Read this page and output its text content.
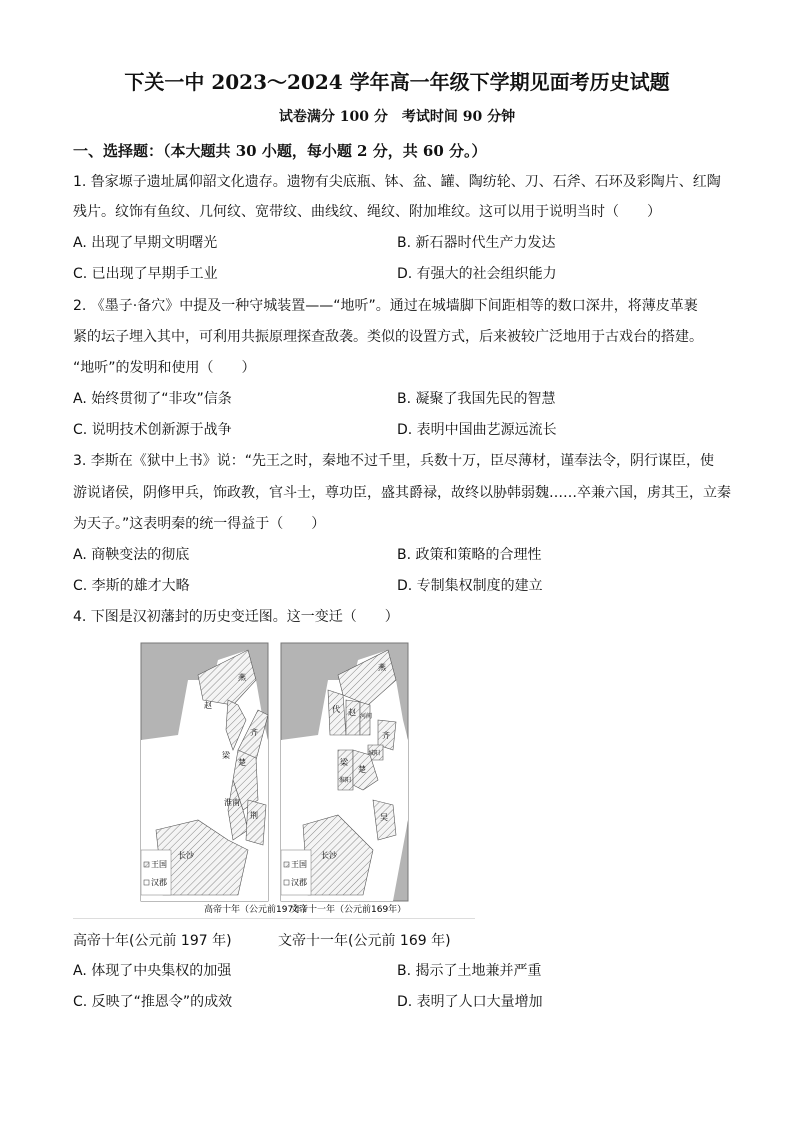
下关一中 2023～2024 学年高一年级下学期见面考历史试题
试卷满分 100 分　考试时间 90 分钟
一、选择题：（本大题共 30 小题，每小题 2 分，共 60 分。）
1. 鲁家塬子遗址属仰韶文化遗存。遗物有尖底瓶、钵、盆、罐、陶纺轮、刀、石斧、石环及彩陶片、红陶
残片。纹饰有鱼纹、几何纹、宽带纹、曲线纹、绳纹、附加堆纹。这可以用于说明当时（　　）
A. 出现了早期文明曙光	B. 新石器时代生产力发达
C. 已出现了早期手工业	D. 有强大的社会组织能力
2. 《墨子·备穴》中提及一种守城装置——“地听”。通过在城墙脚下间距相等的数口深井，将薄皮革裹
紧的坛子埋入其中，可利用共振原理探查敌袭。类似的设置方式，后来被较广泛地用于古戏台的搭建。
“地听”的发明和使用（　　）
A. 始终贯彻了“非攻”信条	B. 凝聚了我国先民的智慧
C. 说明技术创新源于战争	D. 表明中国曲艺源远流长
3. 李斯在《狱中上书》说：“先王之时，秦地不过千里，兵数十万，臣尽薄材，谨奉法令，阴行谋臣，使
游说诸侯，阴修甲兵，饰政教，官斗士，尊功臣，盛其爵禄，故终以胁韩弱魏……卒兼六国，虏其王，立秦
为天子。”这表明秦的统一得益于（　　）
A. 商鞅变法的彻底	B. 政策和策略的合理性
C. 李斯的雄才大略	D. 专制集权制度的建立
4. 下图是汉初藩封的历史变迁图。这一变迁（　　）
王国
汉郡
燕
赵
齐
梁
楚
淮南
荆
长沙
高帝十年（公元前197年）
王国
汉郡
燕
代 赵 河间
齐
城阳
梁
淮阳
楚
吴
长沙
文帝十一年（公元前169年）
高帝十年(公元前 197 年)　　　 文帝十一年(公元前 169 年)
A. 体现了中央集权的加强	B. 揭示了土地兼并严重
C. 反映了“推恩令”的成效	D. 表明了人口大量增加
